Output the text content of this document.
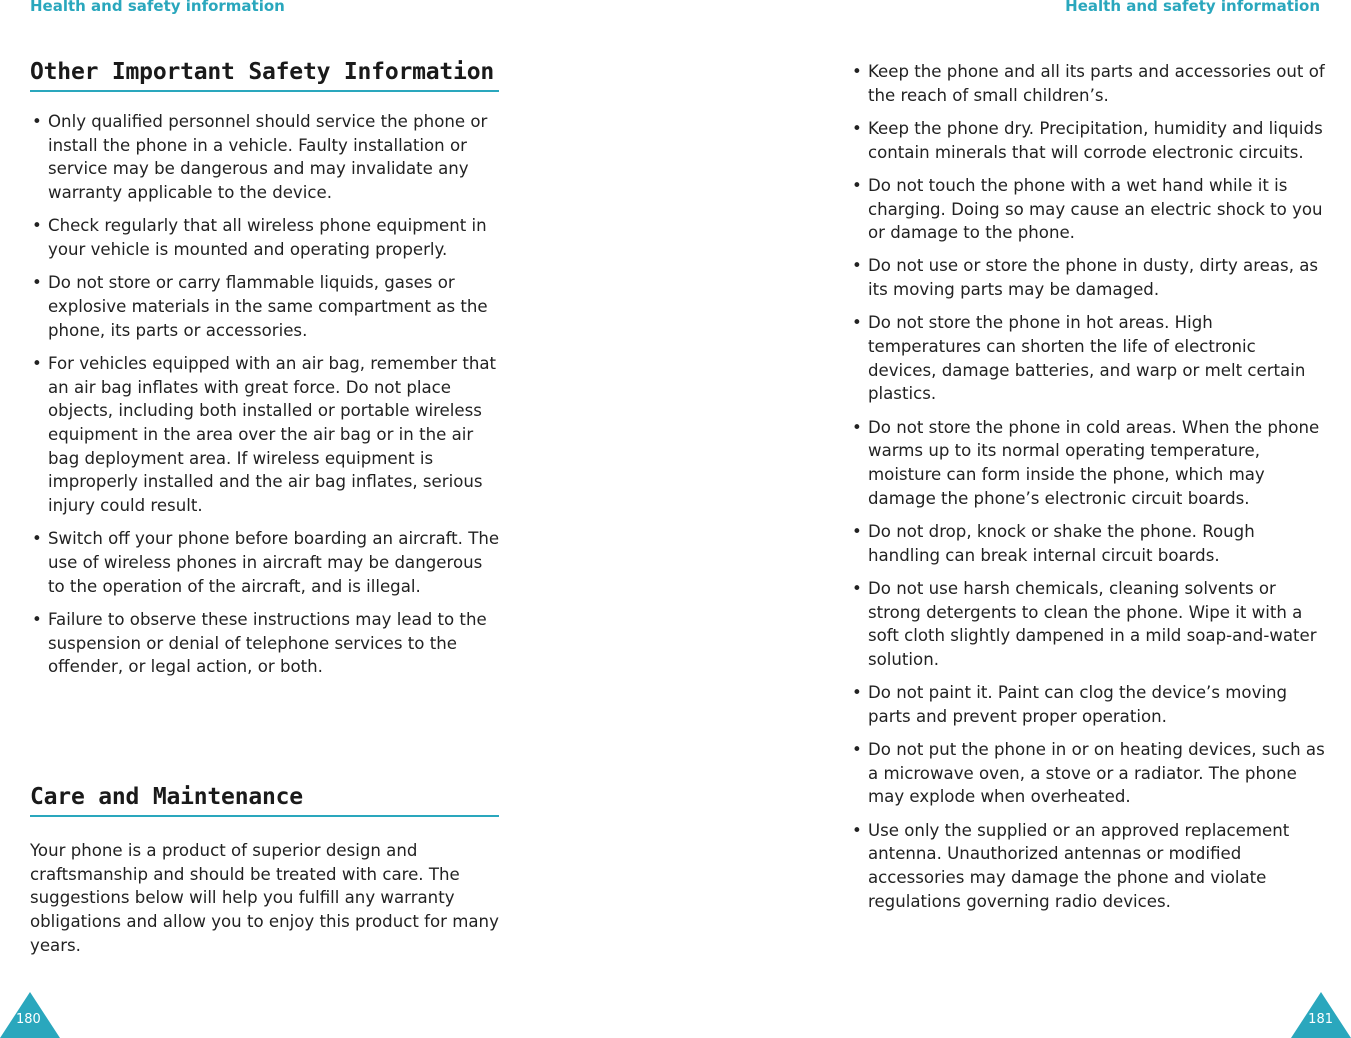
Health and safety information

Other Important Safety Information
• Only qualified personnel should service the phone or install the phone in a vehicle. Faulty installation or service may be dangerous and may invalidate any warranty applicable to the device.
• Check regularly that all wireless phone equipment in your vehicle is mounted and operating properly.
• Do not store or carry flammable liquids, gases or explosive materials in the same compartment as the phone, its parts or accessories.
• For vehicles equipped with an air bag, remember that an air bag inflates with great force. Do not place objects, including both installed or portable wireless equipment in the area over the air bag or in the air bag deployment area. If wireless equipment is improperly installed and the air bag inflates, serious injury could result.
• Switch off your phone before boarding an aircraft. The use of wireless phones in aircraft may be dangerous to the operation of the aircraft, and is illegal.
• Failure to observe these instructions may lead to the suspension or denial of telephone services to the offender, or legal action, or both.
Care and Maintenance

Your phone is a product of superior design and craftsmanship and should be treated with care. The suggestions below will help you fulfill any warranty obligations and allow you to enjoy this product for many years.

180

Health and safety information

181
• Keep the phone and all its parts and accessories out of the reach of small children’s.
• Keep the phone dry. Precipitation, humidity and liquids contain minerals that will corrode electronic circuits.
• Do not touch the phone with a wet hand while it is charging. Doing so may cause an electric shock to you or damage to the phone.
• Do not use or store the phone in dusty, dirty areas, as its moving parts may be damaged.
• Do not store the phone in hot areas. High temperatures can shorten the life of electronic devices, damage batteries, and warp or melt certain plastics.
• Do not store the phone in cold areas. When the phone warms up to its normal operating temperature, moisture can form inside the phone, which may damage the phone’s electronic circuit boards.
• Do not drop, knock or shake the phone. Rough handling can break internal circuit boards.
• Do not use harsh chemicals, cleaning solvents or strong detergents to clean the phone. Wipe it with a soft cloth slightly dampened in a mild soap-and-water solution.
• Do not paint it. Paint can clog the device’s moving parts and prevent proper operation.
• Do not put the phone in or on heating devices, such as a microwave oven, a stove or a radiator. The phone may explode when overheated.
• Use only the supplied or an approved replacement antenna. Unauthorized antennas or modified accessories may damage the phone and violate regulations governing radio devices.
